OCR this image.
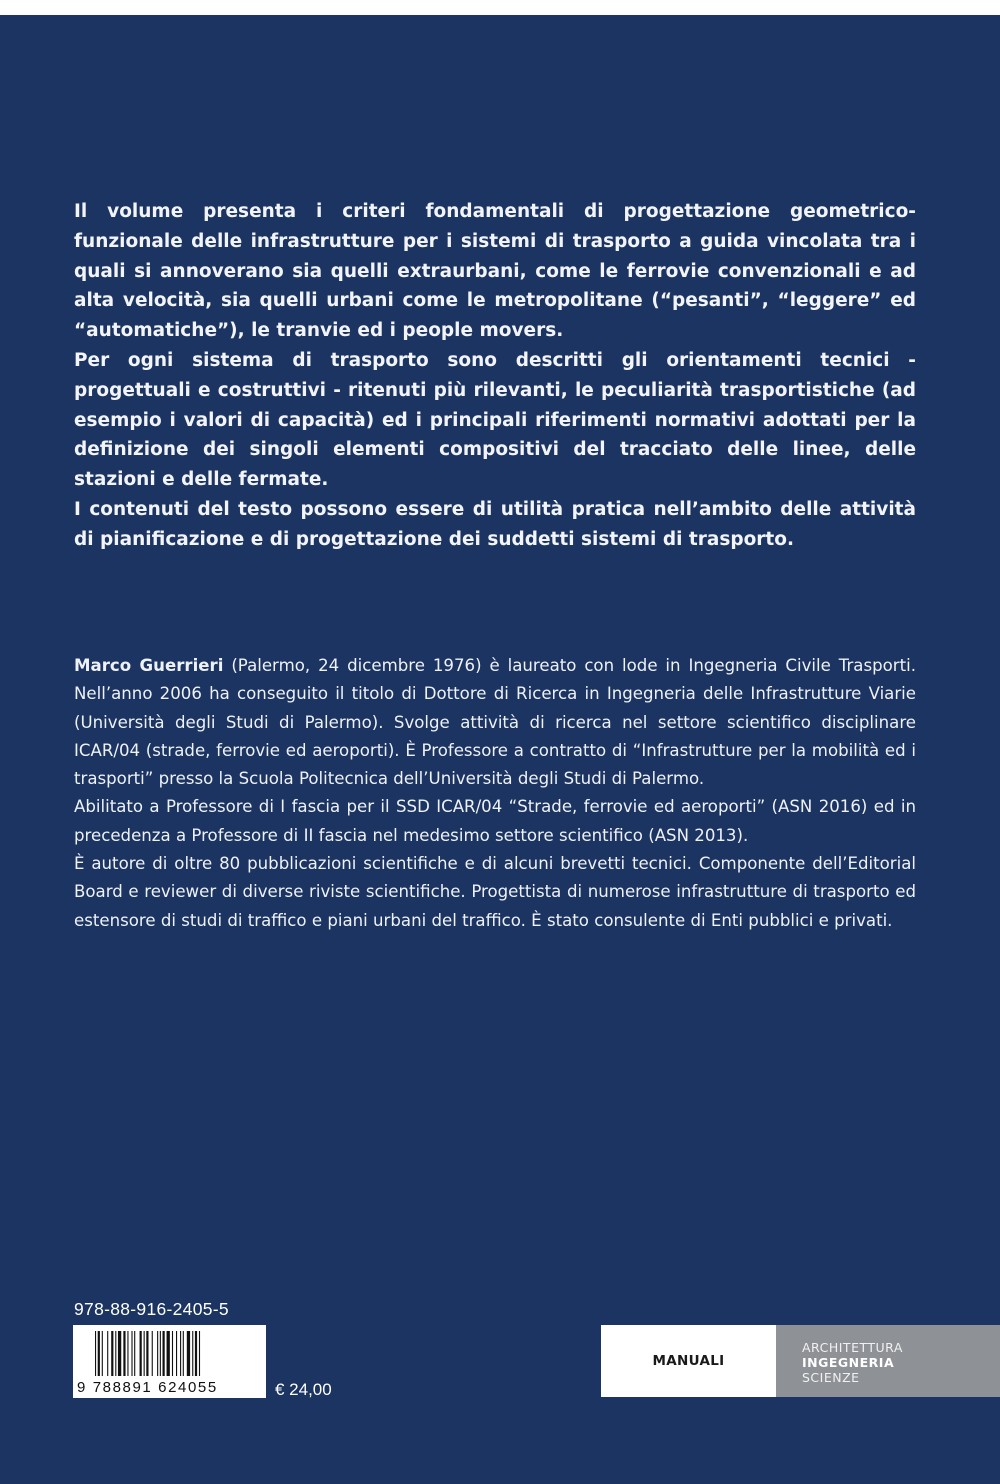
Il volume presenta i criteri fondamentali di progettazione geometrico-funzionale delle infrastrutture per i sistemi di trasporto a guida vincolata tra i quali si annoverano sia quelli extraurbani, come le ferrovie convenzionali e ad alta velocità, sia quelli urbani come le metropolitane (“pesanti”, “leggere” ed “automatiche”), le tranvie ed i people movers.

Per ogni sistema di trasporto sono descritti gli orientamenti tecnici - progettuali e costruttivi - ritenuti più rilevanti, le peculiarità trasportistiche (ad esempio i valori di capacità) ed i principali riferimenti normativi adottati per la definizione dei singoli elementi compositivi del tracciato delle linee, delle stazioni e delle fermate.

I contenuti del testo possono essere di utilità pratica nell’ambito delle attività di pianificazione e di progettazione dei suddetti sistemi di trasporto.

Marco Guerrieri (Palermo, 24 dicembre 1976) è laureato con lode in Ingegneria Civile Trasporti. Nell’anno 2006 ha conseguito il titolo di Dottore di Ricerca in Ingegneria delle Infrastrutture Viarie (Università degli Studi di Palermo). Svolge attività di ricerca nel settore scientifico disciplinare ICAR/04 (strade, ferrovie ed aeroporti). È Professore a contratto di “Infrastrutture per la mobilità ed i trasporti” presso la Scuola Politecnica dell’Università degli Studi di Palermo.

Abilitato a Professore di I fascia per il SSD ICAR/04 “Strade, ferrovie ed aeroporti” (ASN 2016) ed in precedenza a Professore di II fascia nel medesimo settore scientifico (ASN 2013).

È autore di oltre 80 pubblicazioni scientifiche e di alcuni brevetti tecnici. Componente dell’Editorial Board e reviewer di diverse riviste scientifiche. Progettista di numerose infrastrutture di trasporto ed estensore di studi di traffico e piani urbani del traffico. È stato consulente di Enti pubblici e privati.

978-88-916-2405-5
9 788891 624055	€ 24,00
MANUALI
ARCHITETTURA
INGEGNERIA
SCIENZE
